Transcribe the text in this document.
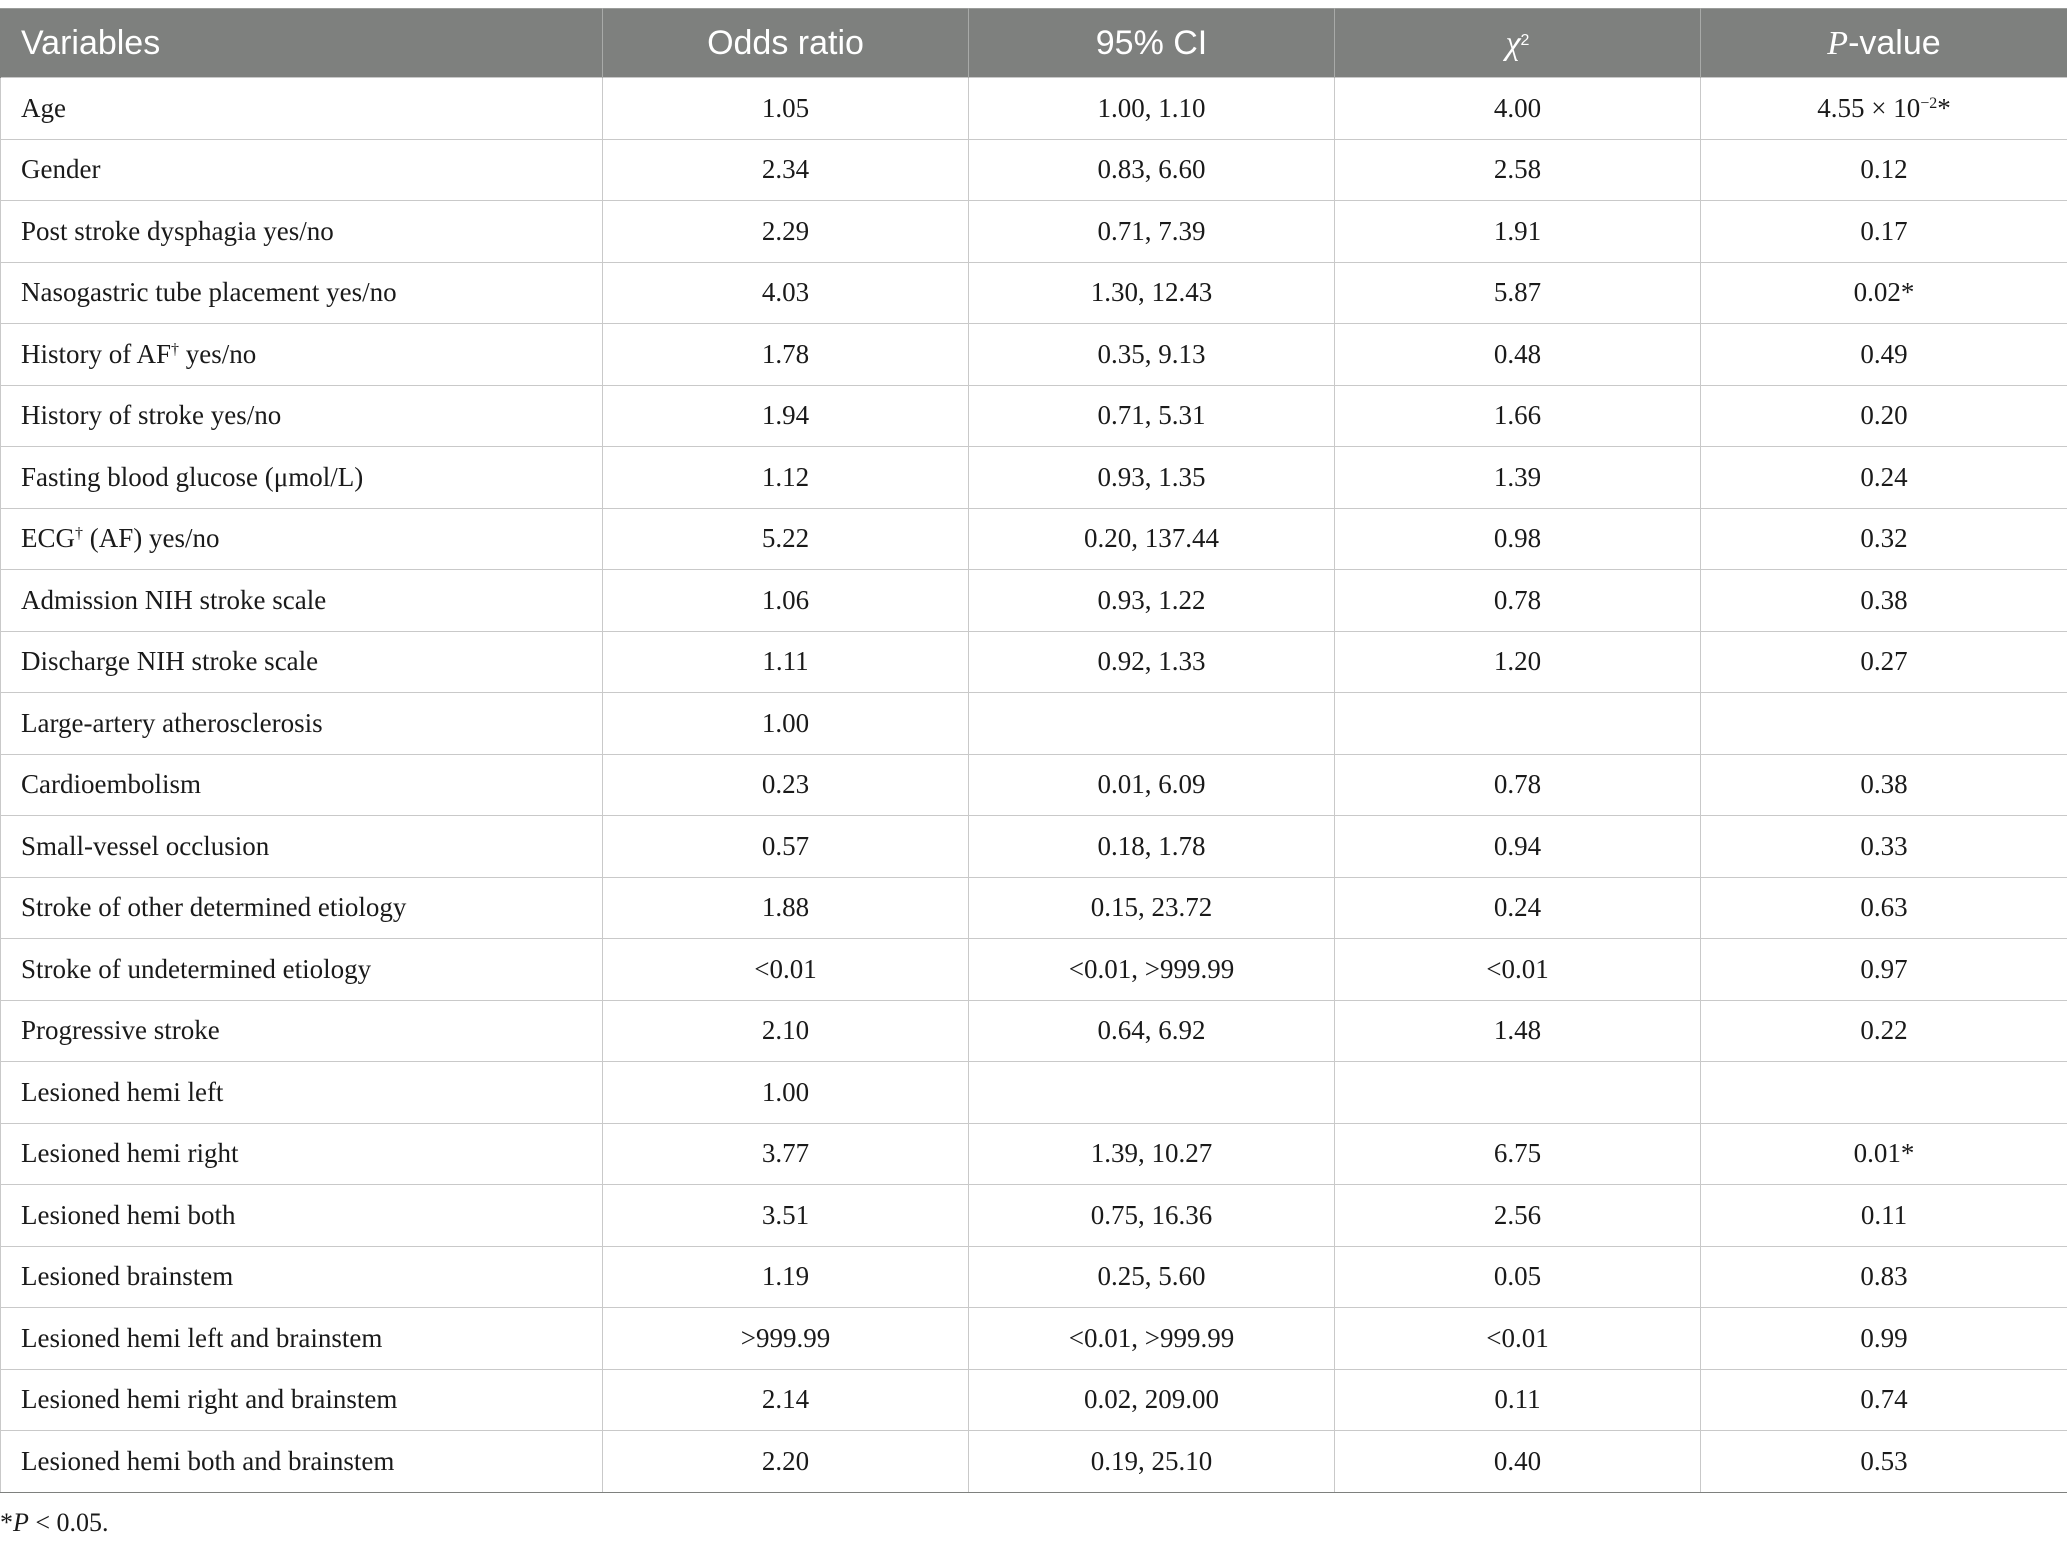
Variables	Odds ratio	95% CI	$\chi^2$	P-value
Age	1.05	1.00, 1.10	4.00	$4.55 \times 10^{-2}*$
Gender	2.34	0.83, 6.60	2.58	0.12
Post stroke dysphagia yes/no	2.29	0.71, 7.39	1.91	0.17
Nasogastric tube placement yes/no	4.03	1.30, 12.43	5.87	0.02*
History of AF† yes/no	1.78	0.35, 9.13	0.48	0.49
History of stroke yes/no	1.94	0.71, 5.31	1.66	0.20
Fasting blood glucose (μmol/L)	1.12	0.93, 1.35	1.39	0.24
ECG† (AF) yes/no	5.22	0.20, 137.44	0.98	0.32
Admission NIH stroke scale	1.06	0.93, 1.22	0.78	0.38
Discharge NIH stroke scale	1.11	0.92, 1.33	1.20	0.27
Large-artery atherosclerosis	1.00			
Cardioembolism	0.23	0.01, 6.09	0.78	0.38
Small-vessel occlusion	0.57	0.18, 1.78	0.94	0.33
Stroke of other determined etiology	1.88	0.15, 23.72	0.24	0.63
Stroke of undetermined etiology	<0.01	<0.01, >999.99	<0.01	0.97
Progressive stroke	2.10	0.64, 6.92	1.48	0.22
Lesioned hemi left	1.00			
Lesioned hemi right	3.77	1.39, 10.27	6.75	0.01*
Lesioned hemi both	3.51	0.75, 16.36	2.56	0.11
Lesioned brainstem	1.19	0.25, 5.60	0.05	0.83
Lesioned hemi left and brainstem	>999.99	<0.01, >999.99	<0.01	0.99
Lesioned hemi right and brainstem	2.14	0.02, 209.00	0.11	0.74
Lesioned hemi both and brainstem	2.20	0.19, 25.10	0.40	0.53
*P < 0.05.
